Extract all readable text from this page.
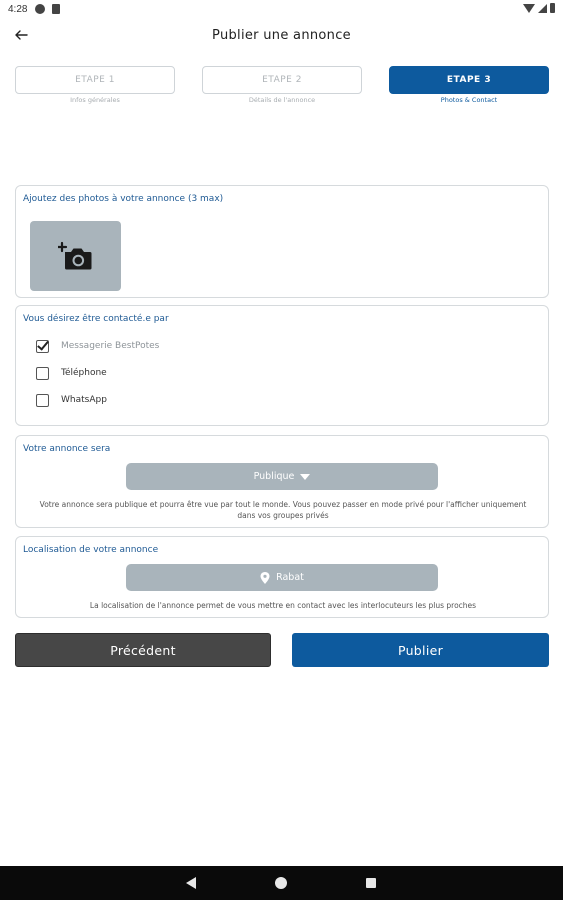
4:28
Publier une annonce
ETAPE 1
Infos générales
ETAPE 2
Détails de l'annonce
ETAPE 3
Photos & Contact
Ajoutez des photos à votre annonce (3 max)
Vous désirez être contacté.e par
Messagerie BestPotes
Téléphone
WhatsApp
Votre annonce sera
Publique
Votre annonce sera publique et pourra être vue par tout le monde. Vous pouvez passer en mode privé pour l'afficher uniquement dans vos groupes privés
Localisation de votre annonce
Rabat
La localisation de l'annonce permet de vous mettre en contact avec les interlocuteurs les plus proches
Précédent	Publier
